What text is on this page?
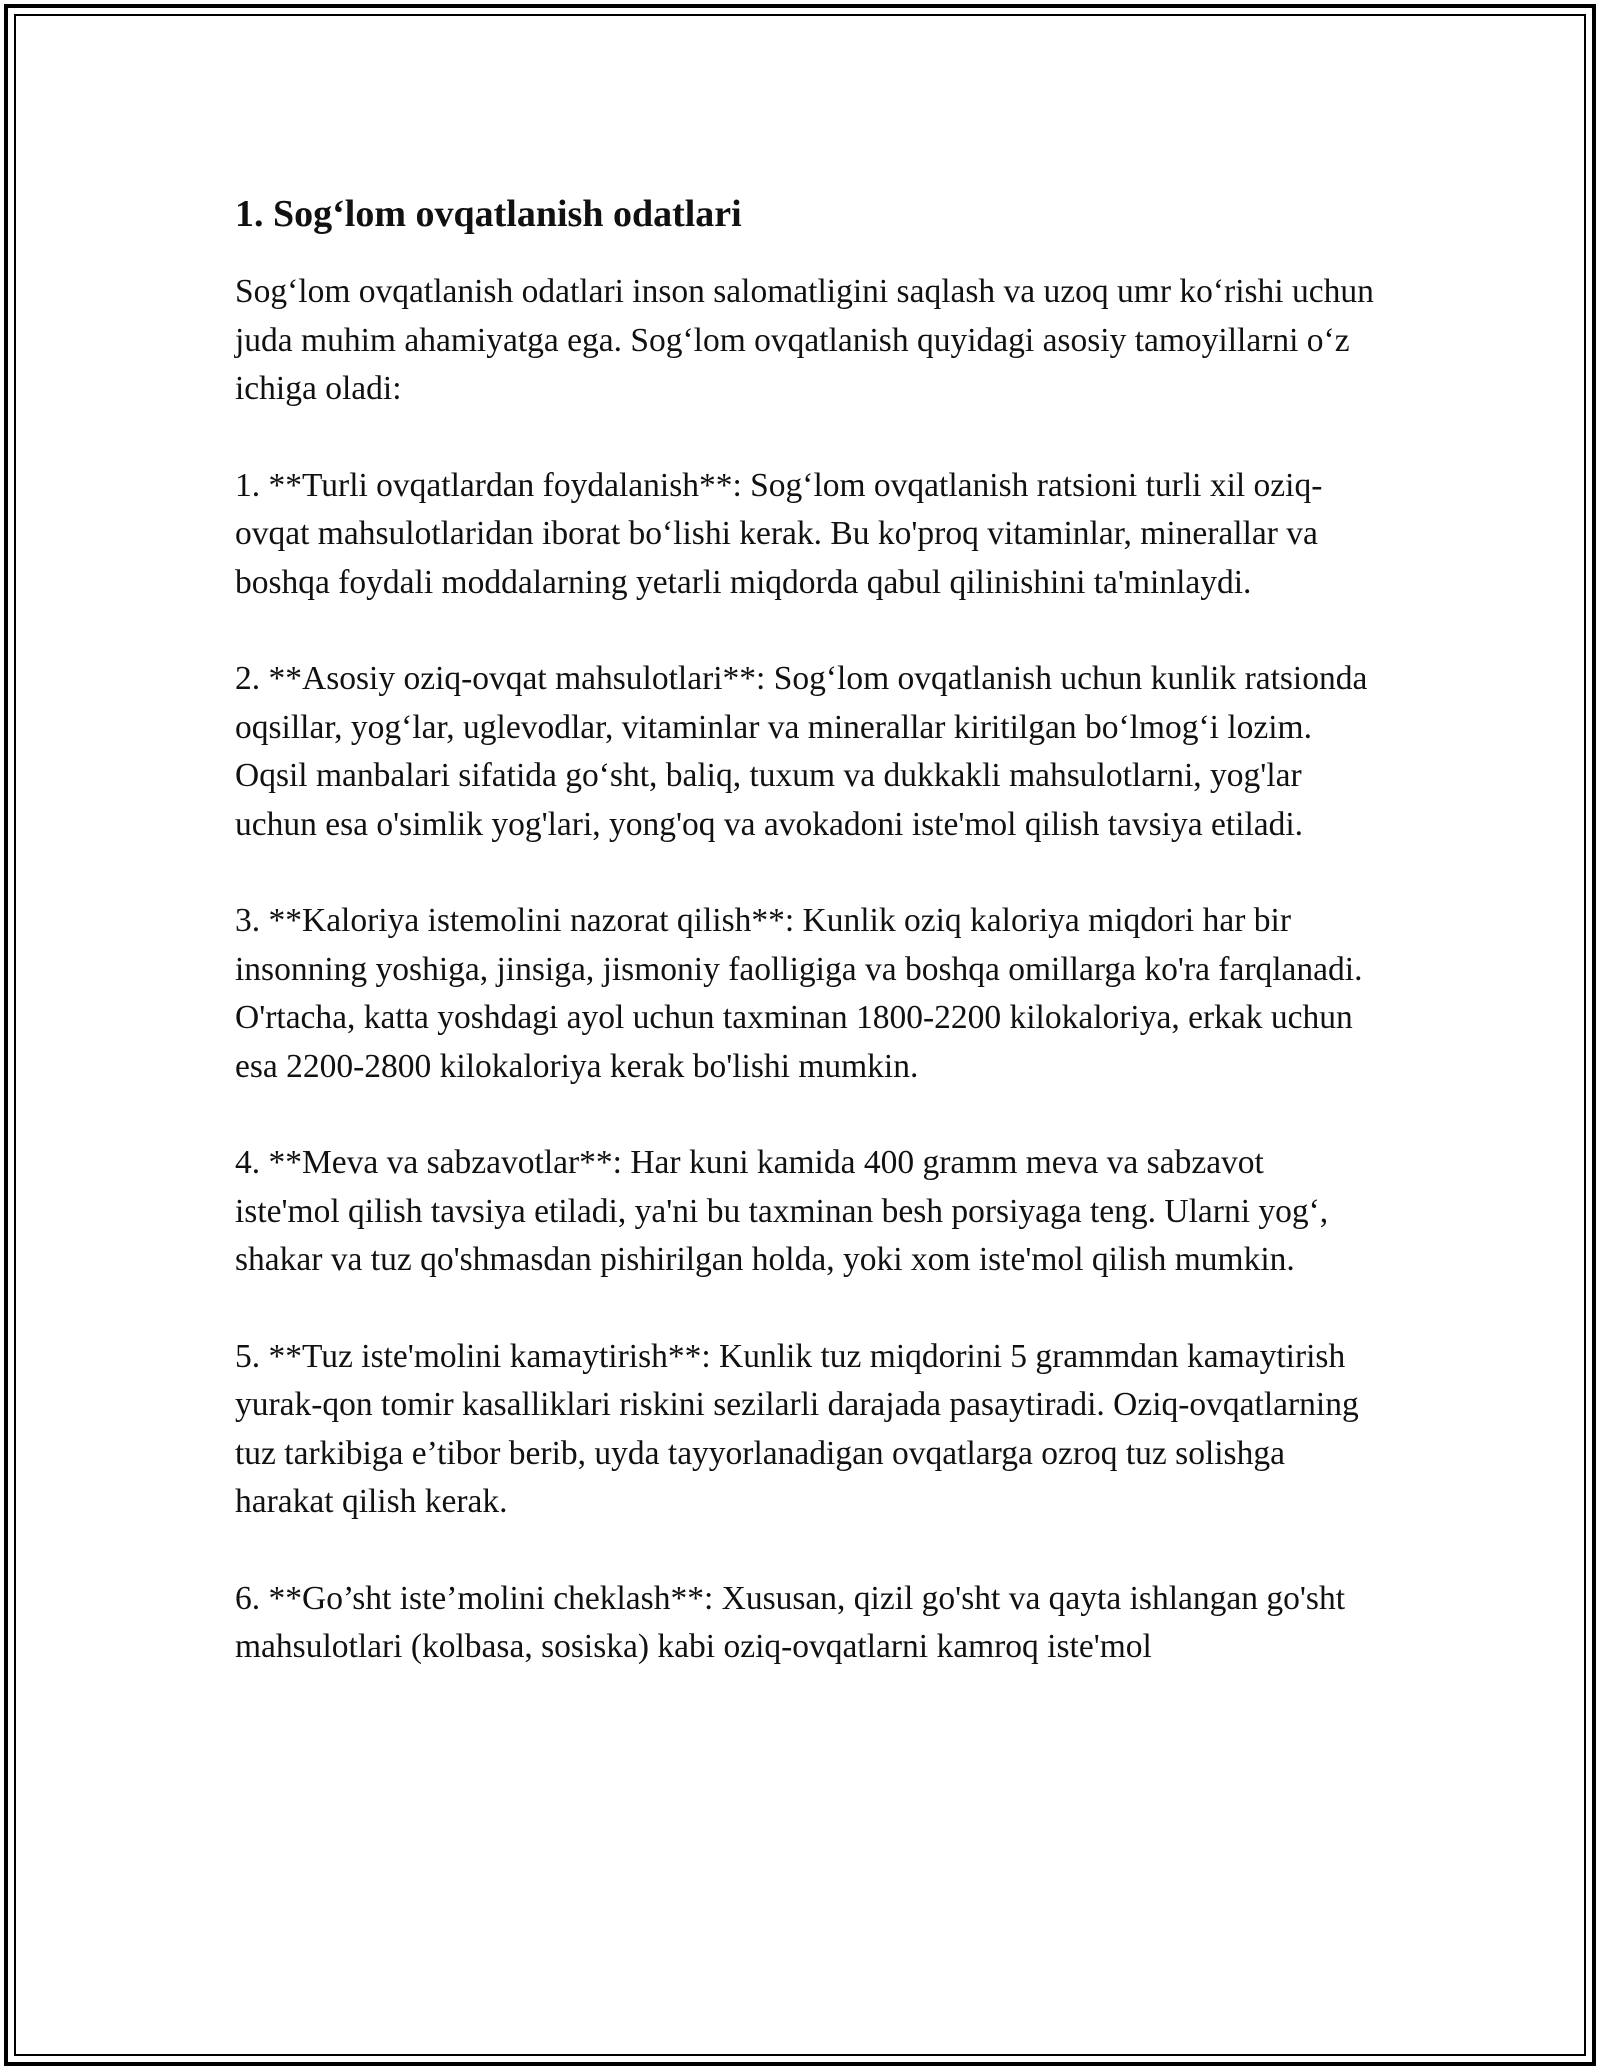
1. Sog‘lom ovqatlanish odatlari

Sog‘lom ovqatlanish odatlari inson salomatligini saqlash va uzoq umr ko‘rishi uchun juda muhim ahamiyatga ega. Sog‘lom ovqatlanish quyidagi asosiy tamoyillarni o‘z ichiga oladi:

1. **Turli ovqatlardan foydalanish**: Sog‘lom ovqatlanish ratsioni turli xil oziq-ovqat mahsulotlaridan iborat bo‘lishi kerak. Bu ko'proq vitaminlar, minerallar va boshqa foydali moddalarning yetarli miqdorda qabul qilinishini ta'minlaydi.

2. **Asosiy oziq-ovqat mahsulotlari**: Sog‘lom ovqatlanish uchun kunlik ratsionda oqsillar, yog‘lar, uglevodlar, vitaminlar va minerallar kiritilgan bo‘lmog‘i lozim. Oqsil manbalari sifatida go‘sht, baliq, tuxum va dukkakli mahsulotlarni, yog'lar uchun esa o'simlik yog'lari, yong'oq va avokadoni iste'mol qilish tavsiya etiladi.

3. **Kaloriya istemolini nazorat qilish**: Kunlik oziq kaloriya miqdori har bir insonning yoshiga, jinsiga, jismoniy faolligiga va boshqa omillarga ko'ra farqlanadi. O'rtacha, katta yoshdagi ayol uchun taxminan 1800-2200 kilokaloriya, erkak uchun esa 2200-2800 kilokaloriya kerak bo'lishi mumkin.

4. **Meva va sabzavotlar**: Har kuni kamida 400 gramm meva va sabzavot iste'mol qilish tavsiya etiladi, ya'ni bu taxminan besh porsiyaga teng. Ularni yog‘, shakar va tuz qo'shmasdan pishirilgan holda, yoki xom iste'mol qilish mumkin.

5. **Tuz iste'molini kamaytirish**: Kunlik tuz miqdorini 5 grammdan kamaytirish yurak-qon tomir kasalliklari riskini sezilarli darajada pasaytiradi. Oziq-ovqatlarning tuz tarkibiga e’tibor berib, uyda tayyorlanadigan ovqatlarga ozroq tuz solishga harakat qilish kerak.

6. **Go’sht iste’molini cheklash**: Xususan, qizil go'sht va qayta ishlangan go'sht mahsulotlari (kolbasa, sosiska) kabi oziq-ovqatlarni kamroq iste'mol
